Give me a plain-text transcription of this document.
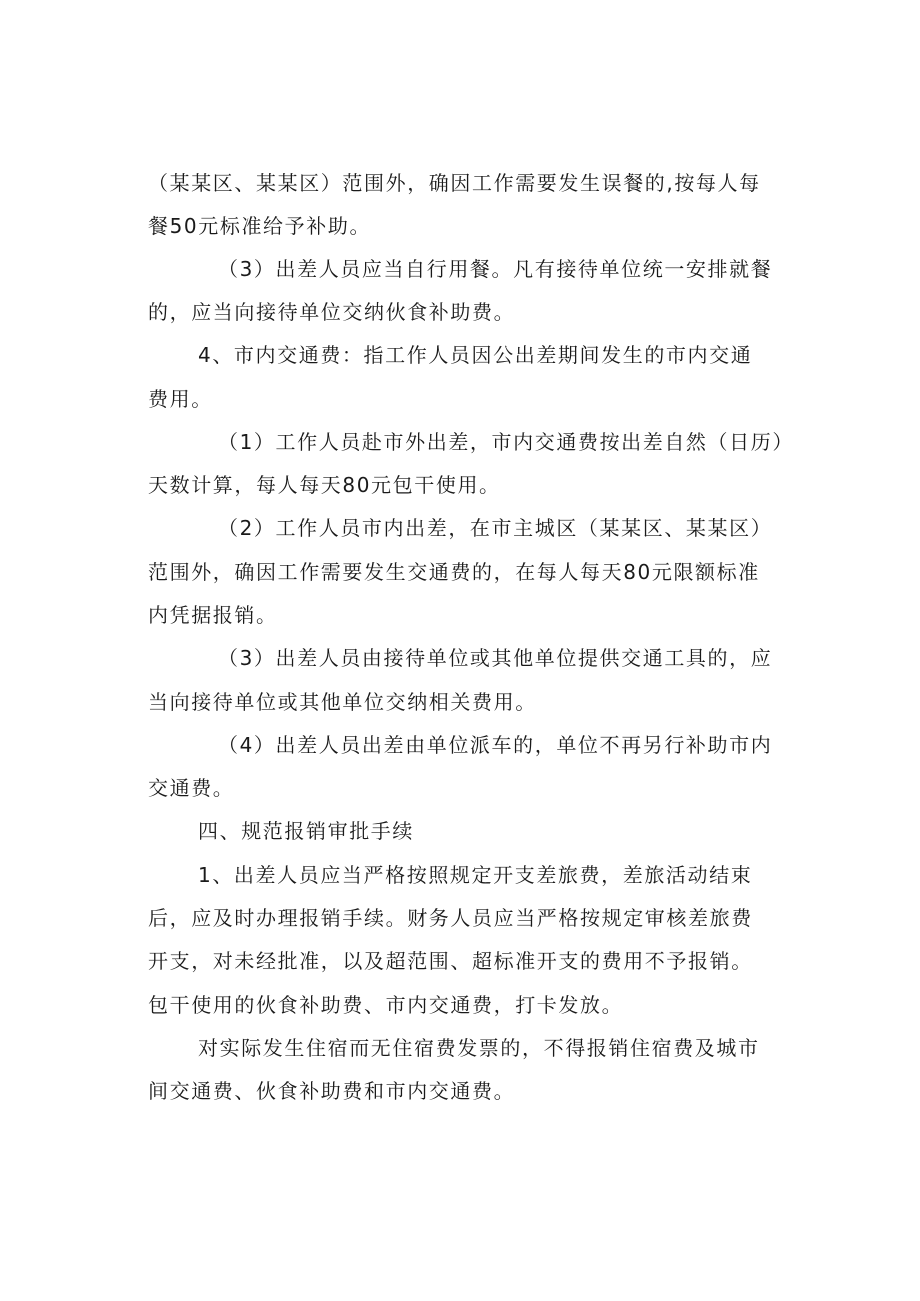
（某某区、某某区）范围外，确因工作需要发生误餐的,按每人每

餐50元标准给予补助。

（3）出差人员应当自行用餐。凡有接待单位统一安排就餐

的，应当向接待单位交纳伙食补助费。

4、市内交通费：指工作人员因公出差期间发生的市内交通

费用。

（1）工作人员赴市外出差，市内交通费按出差自然（日历）

天数计算，每人每天80元包干使用。

（2）工作人员市内出差，在市主城区（某某区、某某区）

范围外，确因工作需要发生交通费的，在每人每天80元限额标准

内凭据报销。

（3）出差人员由接待单位或其他单位提供交通工具的，应

当向接待单位或其他单位交纳相关费用。

（4）出差人员出差由单位派车的，单位不再另行补助市内

交通费。

四、规范报销审批手续

1、出差人员应当严格按照规定开支差旅费，差旅活动结束

后，应及时办理报销手续。财务人员应当严格按规定审核差旅费

开支，对未经批准，以及超范围、超标准开支的费用不予报销。

包干使用的伙食补助费、市内交通费，打卡发放。

对实际发生住宿而无住宿费发票的，不得报销住宿费及城市

间交通费、伙食补助费和市内交通费。
